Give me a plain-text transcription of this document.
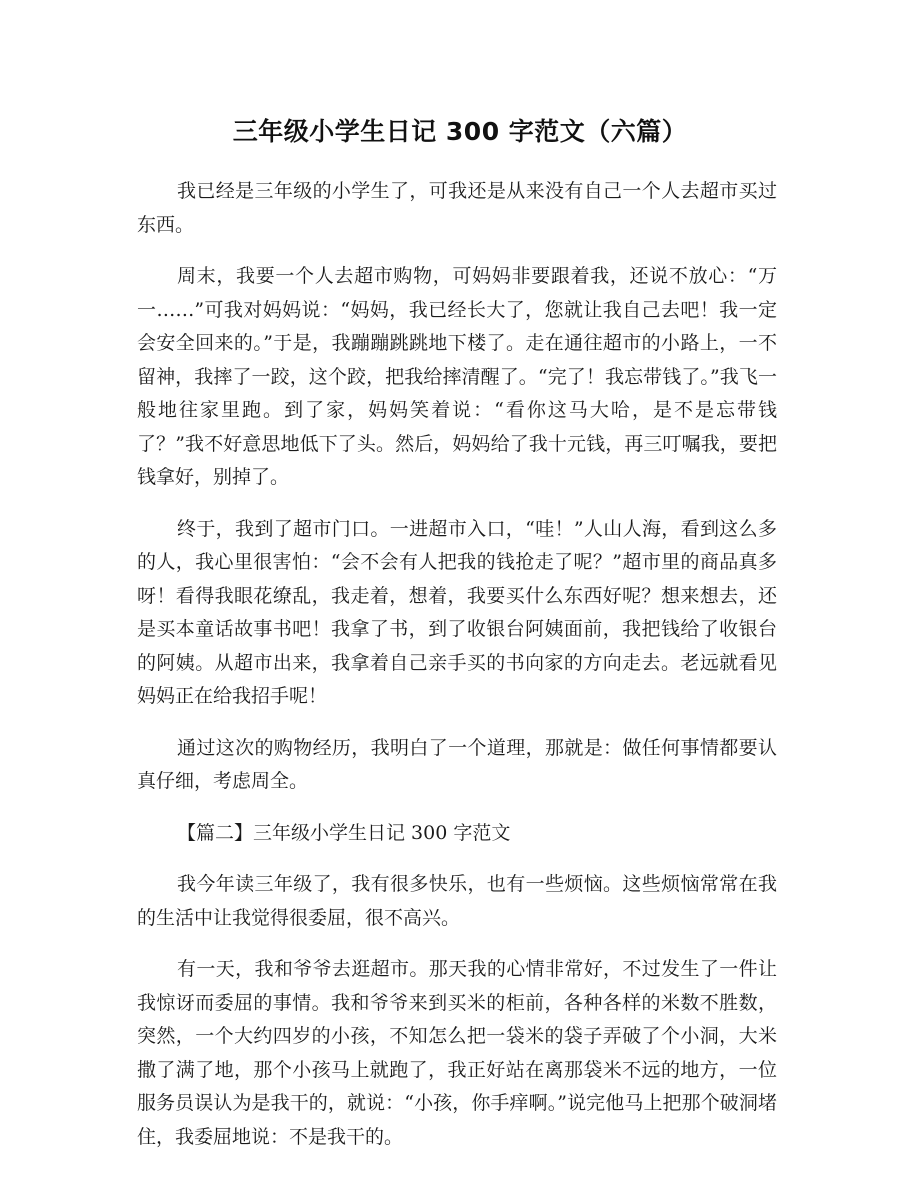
三年级小学生日记 300 字范文（六篇）

我已经是三年级的小学生了，可我还是从来没有自己一个人去超市买过东西。

周末，我要一个人去超市购物，可妈妈非要跟着我，还说不放心：“万一……”可我对妈妈说：“妈妈，我已经长大了，您就让我自己去吧！我一定会安全回来的。”于是，我蹦蹦跳跳地下楼了。走在通往超市的小路上，一不留神，我摔了一跤，这个跤，把我给摔清醒了。“完了！我忘带钱了。”我飞一般地往家里跑。到了家，妈妈笑着说：“看你这马大哈，是不是忘带钱了？”我不好意思地低下了头。然后，妈妈给了我十元钱，再三叮嘱我，要把钱拿好，别掉了。

终于，我到了超市门口。一进超市入口，“哇！”人山人海，看到这么多的人，我心里很害怕：“会不会有人把我的钱抢走了呢？”超市里的商品真多呀！看得我眼花缭乱，我走着，想着，我要买什么东西好呢？想来想去，还是买本童话故事书吧！我拿了书，到了收银台阿姨面前，我把钱给了收银台的阿姨。从超市出来，我拿着自己亲手买的书向家的方向走去。老远就看见妈妈正在给我招手呢！

通过这次的购物经历，我明白了一个道理，那就是：做任何事情都要认真仔细，考虑周全。

【篇二】三年级小学生日记 300 字范文

我今年读三年级了，我有很多快乐，也有一些烦恼。这些烦恼常常在我的生活中让我觉得很委屈，很不高兴。

有一天，我和爷爷去逛超市。那天我的心情非常好，不过发生了一件让我惊讶而委屈的事情。我和爷爷来到买米的柜前，各种各样的米数不胜数，突然，一个大约四岁的小孩，不知怎么把一袋米的袋子弄破了个小洞，大米撒了满了地，那个小孩马上就跑了，我正好站在离那袋米不远的地方，一位服务员误认为是我干的，就说：“小孩，你手痒啊。”说完他马上把那个破洞堵住，我委屈地说：不是我干的。
